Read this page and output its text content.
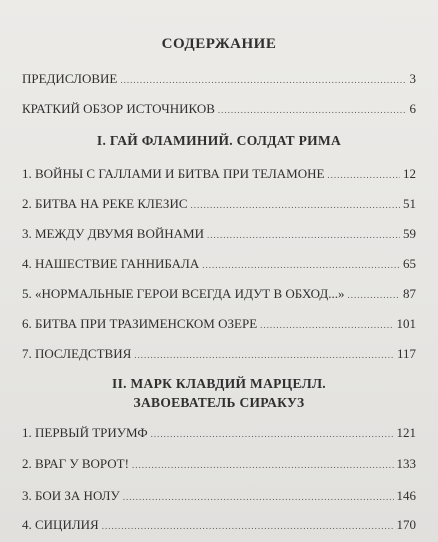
СОДЕРЖАНИЕ
ПРЕДИСЛОВИЕ .....	3
КРАТКИЙ ОБЗОР ИСТОЧНИКОВ .....	6
I. ГАЙ ФЛАМИНИЙ. СОЛДАТ РИМА
1. ВОЙНЫ С ГАЛЛАМИ И БИТВА ПРИ ТЕЛАМОНЕ .....	12
2. БИТВА НА РЕКЕ КЛЕЗИС .....	51
3. МЕЖДУ ДВУМЯ ВОЙНАМИ .....	59
4. НАШЕСТВИЕ ГАННИБАЛА .....	65
5. «НОРМАЛЬНЫЕ ГЕРОИ ВСЕГДА ИДУТ В ОБХОД...» .....	87
6. БИТВА ПРИ ТРАЗИМЕНСКОМ ОЗЕРЕ .....	101
7. ПОСЛЕДСТВИЯ .....	117
II. МАРК КЛАВДИЙ МАРЦЕЛЛ.
ЗАВОЕВАТЕЛЬ СИРАКУЗ
1. ПЕРВЫЙ ТРИУМФ .....	121
2. ВРАГ У ВОРОТ! .....	133
3. БОИ ЗА НОЛУ .....	146
4. СИЦИЛИЯ .....	170
